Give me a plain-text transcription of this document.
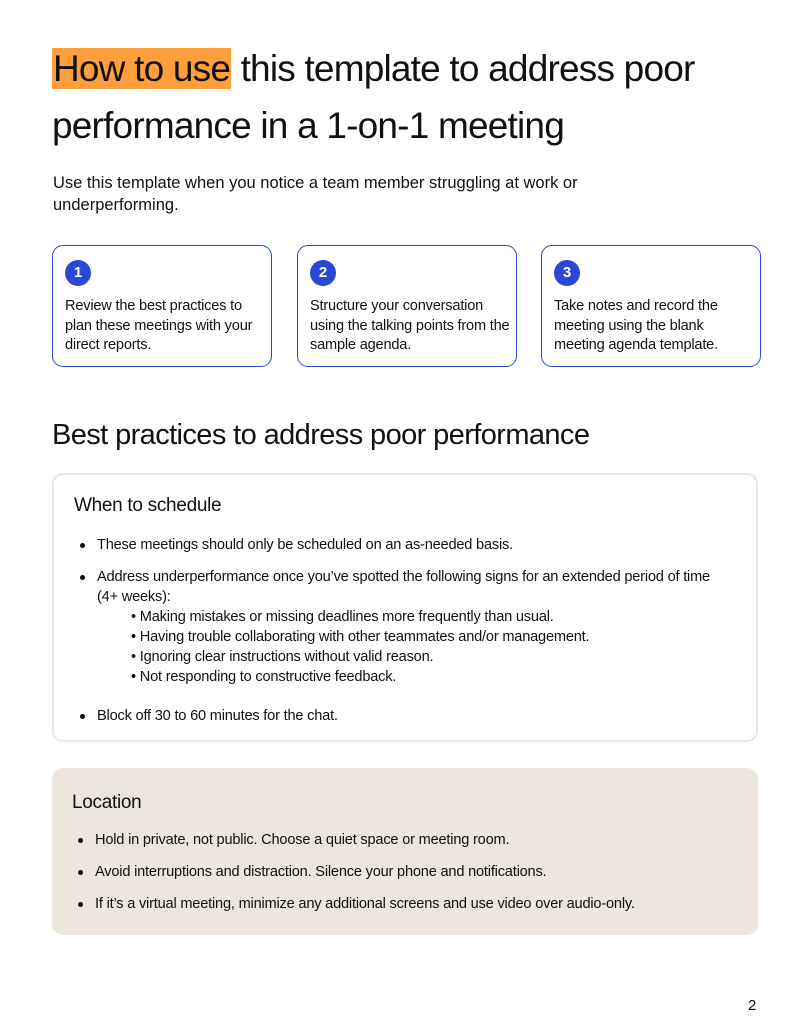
How to use this template to address poor performance in a 1-on-1 meeting
Use this template when you notice a team member struggling at work or underperforming.
1
Review the best practices to plan these meetings with your direct reports.
2
Structure your conversation using the talking points from the sample agenda.
3
Take notes and record the meeting using the blank meeting agenda template.
Best practices to address poor performance
When to schedule
These meetings should only be scheduled on an as-needed basis.
Address underperformance once you’ve spotted the following signs for an extended period of time (4+ weeks):
• Making mistakes or missing deadlines more frequently than usual.
• Having trouble collaborating with other teammates and/or management.
• Ignoring clear instructions without valid reason.
• Not responding to constructive feedback.
Block off 30 to 60 minutes for the chat.
Location
Hold in private, not public. Choose a quiet space or meeting room.
Avoid interruptions and distraction. Silence your phone and notifications.
If it’s a virtual meeting, minimize any additional screens and use video over audio-only.
2
